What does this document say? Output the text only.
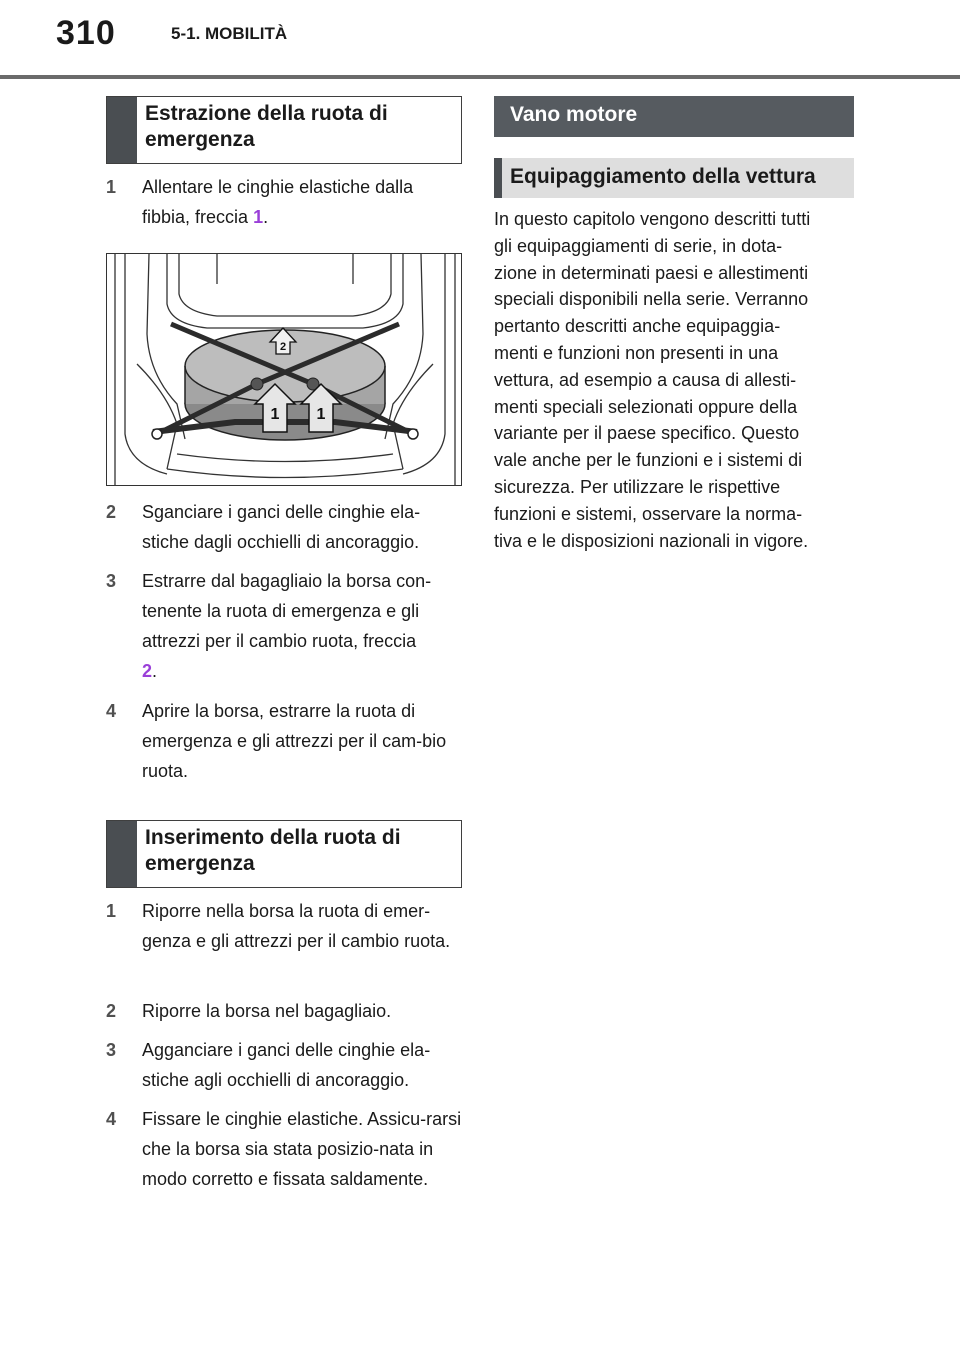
310	5-1. MOBILITÀ
Estrazione della ruota di
emergenza
1 Allentare le cinghie elastiche dalla
fibbia, freccia 1.
1 1
2
2 Sganciare i ganci delle cinghie ela-stiche dagli occhielli di ancoraggio.
3 Estrarre dal bagagliaio la borsa con-
tenente la ruota di emergenza e gli
attrezzi per il cambio ruota, freccia
2.
4 Aprire la borsa, estrarre la ruota di emergenza e gli attrezzi per il cam-bio ruota.
Inserimento della ruota di
emergenza
1 Riporre nella borsa la ruota di emer-genza e gli attrezzi per il cambio ruota.
2 Riporre la borsa nel bagagliaio.
3 Agganciare i ganci delle cinghie ela-stiche agli occhielli di ancoraggio.
4 Fissare le cinghie elastiche. Assicu-rarsi che la borsa sia stata posizio-nata in modo corretto e fissata saldamente.
Vano motore
Equipaggiamento della vettura
In questo capitolo vengono descritti tutti
gli equipaggiamenti di serie, in dota-
zione in determinati paesi e allestimenti
speciali disponibili nella serie. Verranno
pertanto descritti anche equipaggia-
menti e funzioni non presenti in una
vettura, ad esempio a causa di allesti-
menti speciali selezionati oppure della
variante per il paese specifico. Questo
vale anche per le funzioni e i sistemi di
sicurezza. Per utilizzare le rispettive
funzioni e sistemi, osservare la norma-
tiva e le disposizioni nazionali in vigore.
